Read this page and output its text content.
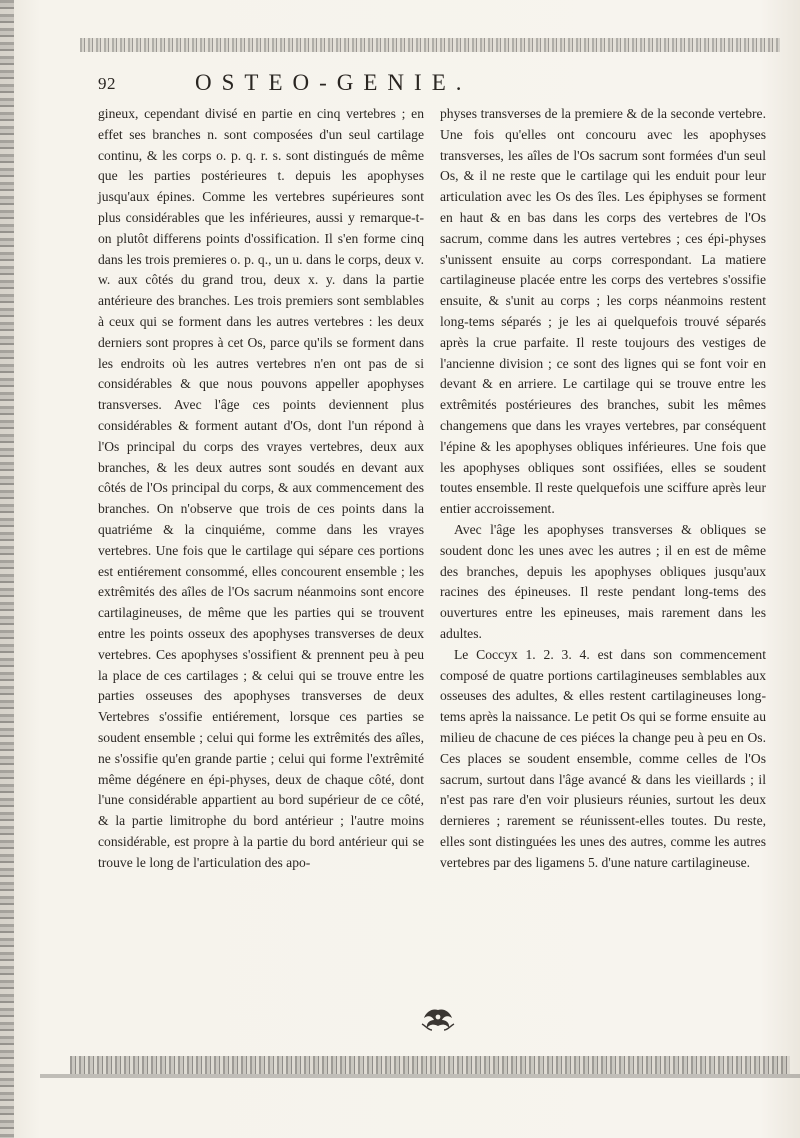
92	OSTEO-GENIE.

gineux, cependant divisé en partie en cinq vertebres ; en effet ses branches n. sont composées d'un seul cartilage continu, & les corps o. p. q. r. s. sont distingués de même que les parties postérieures t. depuis les apophyses jusqu'aux épines. Comme les vertebres supérieures sont plus considérables que les inférieures, aussi y remarque-t-on plutôt differens points d'ossification. Il s'en forme cinq dans les trois premieres o. p. q., un u. dans le corps, deux v. w. aux côtés du grand trou, deux x. y. dans la partie antérieure des branches. Les trois premiers sont semblables à ceux qui se forment dans les autres vertebres : les deux derniers sont propres à cet Os, parce qu'ils se forment dans les endroits où les autres vertebres n'en ont pas de si considérables & que nous pouvons appeller apophyses transverses. Avec l'âge ces points deviennent plus considérables & forment autant d'Os, dont l'un répond à l'Os principal du corps des vrayes vertebres, deux aux branches, & les deux autres sont soudés en devant aux côtés de l'Os principal du corps, & aux commencement des branches. On n'observe que trois de ces points dans la quatriéme & la cinquiéme, comme dans les vrayes vertebres. Une fois que le cartilage qui sépare ces portions est entiérement consommé, elles concourent ensemble ; les extrêmités des aîles de l'Os sacrum néanmoins sont encore cartilagineuses, de même que les parties qui se trouvent entre les points osseux des apophyses transverses de deux vertebres. Ces apophyses s'ossifient & prennent peu à peu la place de ces cartilages ; & celui qui se trouve entre les parties osseuses des apophyses transverses de deux Vertebres s'ossifie entiérement, lorsque ces parties se soudent ensemble ; celui qui forme les extrêmités des aîles, ne s'ossifie qu'en grande partie ; celui qui forme l'extrêmité même dégénere en épi-physes, deux de chaque côté, dont l'une considérable appartient au bord supérieur de ce côté, & la partie limitrophe du bord antérieur ; l'autre moins considérable, est propre à la partie du bord antérieur qui se trouve le long de l'articulation des apo-

physes transverses de la premiere & de la seconde vertebre. Une fois qu'elles ont concouru avec les apophyses transverses, les aîles de l'Os sacrum sont formées d'un seul Os, & il ne reste que le cartilage qui les enduit pour leur articulation avec les Os des îles. Les épiphyses se forment en haut & en bas dans les corps des vertebres de l'Os sacrum, comme dans les autres vertebres ; ces épi-physes s'unissent ensuite au corps correspondant. La matiere cartilagineuse placée entre les corps des vertebres s'ossifie ensuite, & s'unit au corps ; les corps néanmoins restent long-tems séparés ; je les ai quelquefois trouvé séparés après la crue parfaite. Il reste toujours des vestiges de l'ancienne division ; ce sont des lignes qui se font voir en devant & en arriere. Le cartilage qui se trouve entre les extrêmités postérieures des branches, subit les mêmes changemens que dans les vrayes vertebres, par conséquent l'épine & les apophyses obliques inférieures. Une fois que les apophyses obliques sont ossifiées, elles se soudent toutes ensemble. Il reste quelquefois une sciffure après leur entier accroissement.

Avec l'âge les apophyses transverses & obliques se soudent donc les unes avec les autres ; il en est de même des branches, depuis les apophyses obliques jusqu'aux racines des épineuses. Il reste pendant long-tems des ouvertures entre les epineuses, mais rarement dans les adultes.

Le Coccyx 1. 2. 3. 4. est dans son commencement composé de quatre portions cartilagineuses semblables aux osseuses des adultes, & elles restent cartilagineuses long-tems après la naissance. Le petit Os qui se forme ensuite au milieu de chacune de ces piéces la change peu à peu en Os. Ces places se soudent ensemble, comme celles de l'Os sacrum, surtout dans l'âge avancé & dans les vieillards ; il n'est pas rare d'en voir plusieurs réunies, surtout les deux dernieres ; rarement se réunissent-elles toutes. Du reste, elles sont distinguées les unes des autres, comme les autres vertebres par des ligamens 5. d'une nature cartilagineuse.
